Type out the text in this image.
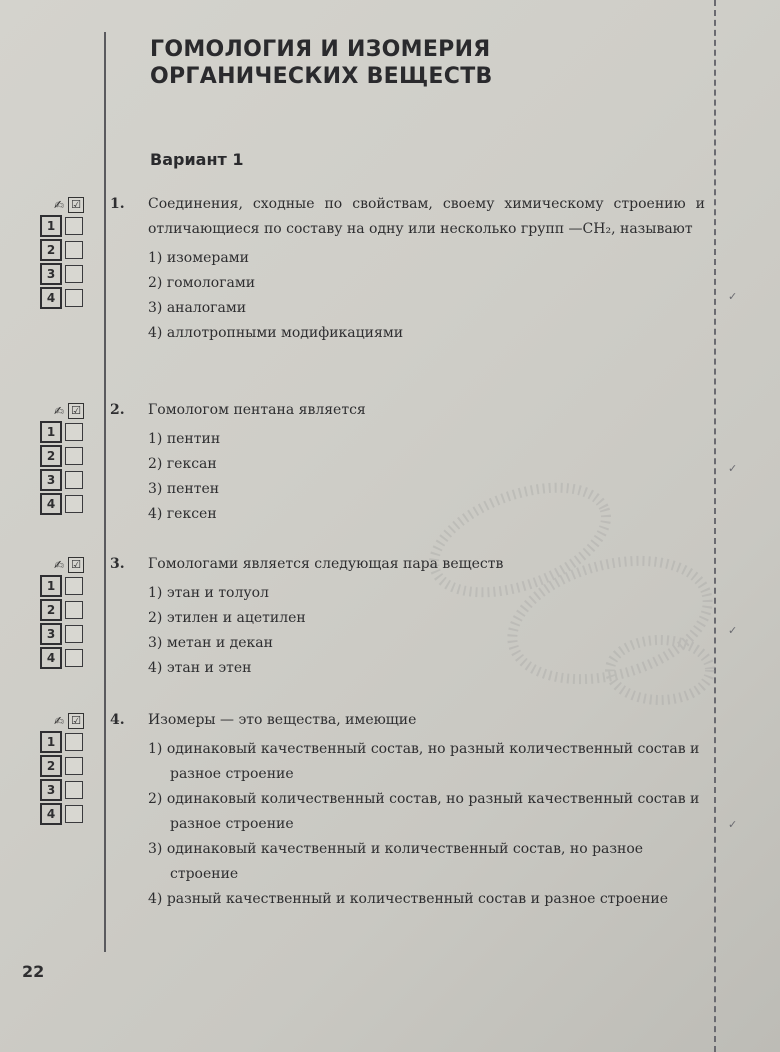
✓
✓
✓
✓
ГОМОЛОГИЯ И ИЗОМЕРИЯ ОРГАНИЧЕСКИХ ВЕЩЕСТВ
Вариант 1
✍ ☑
1
2
3
4
1. Соединения, сходные по свойствам, своему химическому строению и отличающиеся по составу на одну или несколько групп —CH₂, называют
1) изомерами
2) гомологами
3) аналогами
4) аллотропными модификациями
✍ ☑
1
2
3
4
2. Гомологом пентана является
1) пентин
2) гексан
3) пентен
4) гексен
✍ ☑
1
2
3
4
3. Гомологами является следующая пара веществ
1) этан и толуол
2) этилен и ацетилен
3) метан и декан
4) этан и этен
✍ ☑
1
2
3
4
4. Изомеры — это вещества, имеющие
1) одинаковый качественный состав, но разный количественный состав и разное строение
2) одинаковый количественный состав, но разный качественный состав и разное строение
3) одинаковый качественный и количественный состав, но разное строение
4) разный качественный и количественный состав и разное строение
22
